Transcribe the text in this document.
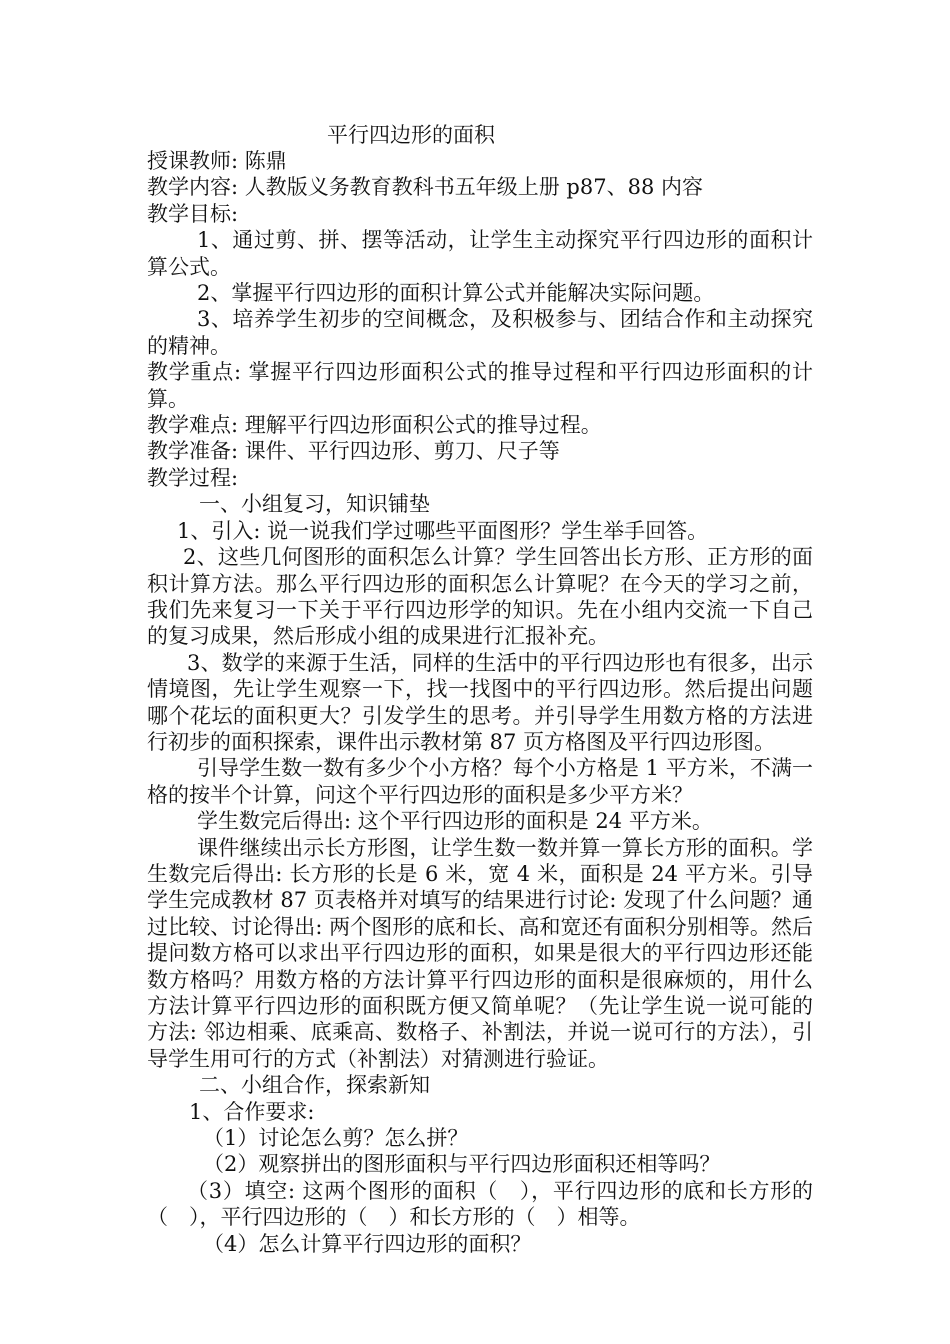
平行四边形的面积

授课教师: 陈鼎

教学内容: 人教版义务教育教科书五年级上册 p87、88 内容

教学目标:

1、通过剪、拼、摆等活动，让学生主动探究平行四边形的面积计算公式。

2、掌握平行四边形的面积计算公式并能解决实际问题。

3、培养学生初步的空间概念，及积极参与、团结合作和主动探究的精神。

教学重点: 掌握平行四边形面积公式的推导过程和平行四边形面积的计算。

教学难点: 理解平行四边形面积公式的推导过程。

教学准备: 课件、平行四边形、剪刀、尺子等

教学过程:

一、小组复习，知识铺垫

1、引入: 说一说我们学过哪些平面图形？学生举手回答。

2、这些几何图形的面积怎么计算？学生回答出长方形、正方形的面积计算方法。那么平行四边形的面积怎么计算呢？在今天的学习之前，我们先来复习一下关于平行四边形学的知识。先在小组内交流一下自己的复习成果，然后形成小组的成果进行汇报补充。

3、数学的来源于生活，同样的生活中的平行四边形也有很多，出示情境图，先让学生观察一下，找一找图中的平行四边形。然后提出问题哪个花坛的面积更大？引发学生的思考。并引导学生用数方格的方法进行初步的面积探索，课件出示教材第 87 页方格图及平行四边形图。

引导学生数一数有多少个小方格？每个小方格是 1 平方米，不满一格的按半个计算，问这个平行四边形的面积是多少平方米？

学生数完后得出: 这个平行四边形的面积是 24 平方米。

课件继续出示长方形图，让学生数一数并算一算长方形的面积。学生数完后得出: 长方形的长是 6 米，宽 4 米，面积是 24 平方米。引导学生完成教材 87 页表格并对填写的结果进行讨论: 发现了什么问题？通过比较、讨论得出: 两个图形的底和长、高和宽还有面积分别相等。然后提问数方格可以求出平行四边形的面积，如果是很大的平行四边形还能数方格吗？用数方格的方法计算平行四边形的面积是很麻烦的，用什么方法计算平行四边形的面积既方便又简单呢？（先让学生说一说可能的方法: 邻边相乘、底乘高、数格子、补割法，并说一说可行的方法），引导学生用可行的方式（补割法）对猜测进行验证。

二、小组合作，探索新知

1、合作要求:

（1）讨论怎么剪？怎么拼？

（2）观察拼出的图形面积与平行四边形面积还相等吗？

（3）填空: 这两个图形的面积（　），平行四边形的底和长方形的（　），平行四边形的（　）和长方形的（　）相等。

（4）怎么计算平行四边形的面积？
